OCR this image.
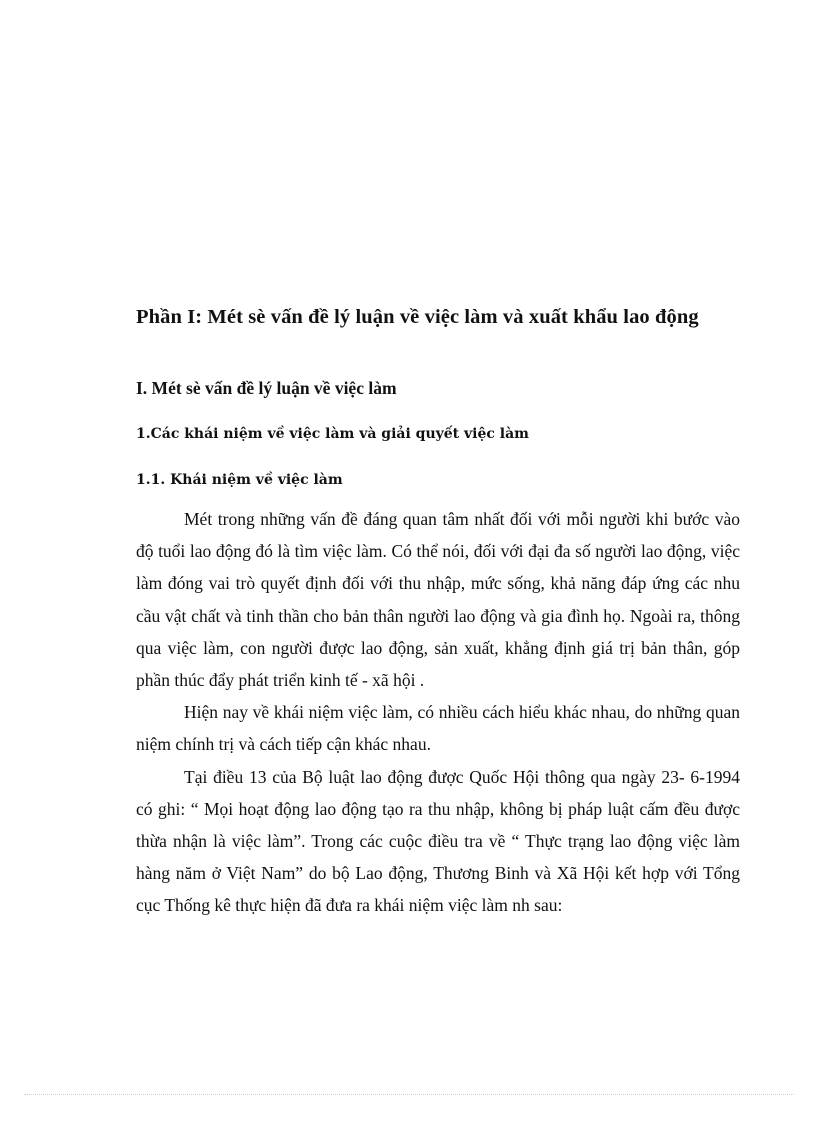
Phần I: Mét sè vấn đề lý luận về việc làm và xuất khẩu lao động
I. Mét sè vấn đề lý luận về việc làm
1.Các khái niệm về việc làm và giải quyết việc làm
1.1. Khái niệm về việc làm

Mét trong những vấn đề đáng quan tâm nhất đối với mỗi người khi bước vào độ tuổi lao động đó là tìm việc làm. Có thể nói, đối với đại đa số người lao động, việc làm đóng vai trò quyết định đối với thu nhập, mức sống, khả năng đáp ứng các nhu cầu vật chất và tinh thần cho bản thân người lao động và gia đình họ. Ngoài ra, thông qua việc làm, con người được lao động, sản xuất, khẳng định giá trị bản thân, góp phần thúc đẩy phát triển kinh tế - xã hội .

Hiện nay về khái niệm việc làm, có nhiều cách hiểu khác nhau, do những quan niệm chính trị và cách tiếp cận khác nhau.

Tại điều 13 của Bộ luật lao động được Quốc Hội thông qua ngày 23- 6-1994 có ghi: “ Mọi hoạt động lao động tạo ra thu nhập, không bị pháp luật cấm đều được thừa nhận là việc làm”. Trong các cuộc điều tra về “ Thực trạng lao động việc làm hàng năm ở Việt Nam” do bộ Lao động, Thương Binh và Xã Hội kết hợp với Tổng cục Thống kê thực hiện đã đưa ra khái niệm việc làm nh sau:
